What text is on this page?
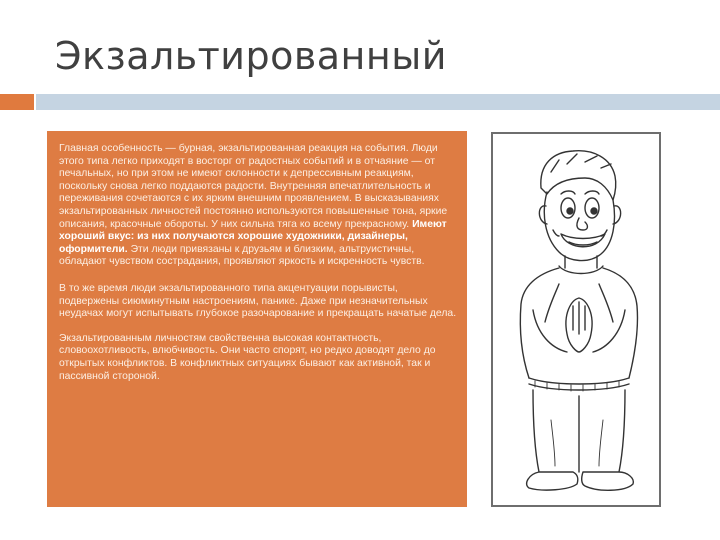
Экзальтированный

Главная особенность — бурная, экзальтированная реакция на события. Люди этого типа легко приходят в восторг от радостных событий и в отчаяние — от печальных, но при этом не имеют склонности к депрессивным реакциям, поскольку снова легко поддаются радости. Внутренняя впечатлительность и переживания сочетаются с их ярким внешним проявлением. В высказываниях экзальтированных личностей постоянно используются повышенные тона, яркие описания, красочные обороты. У них сильна тяга ко всему прекрасному. Имеют хороший вкус: из них получаются хорошие художники, дизайнеры, оформители. Эти люди привязаны к друзьям и близким, альтруистичны, обладают чувством сострадания, проявляют яркость и искренность чувств.

В то же время люди экзальтированного типа акцентуации порывисты, подвержены сиюминутным настроениям, панике. Даже при незначительных неудачах могут испытывать глубокое разочарование и прекращать начатые дела.

Экзальтированным личностям свойственна высокая контактность, словоохотливость, влюбчивость. Они часто спорят, но редко доводят дело до открытых конфликтов. В конфликтных ситуациях бывают как активной, так и пассивной стороной.
